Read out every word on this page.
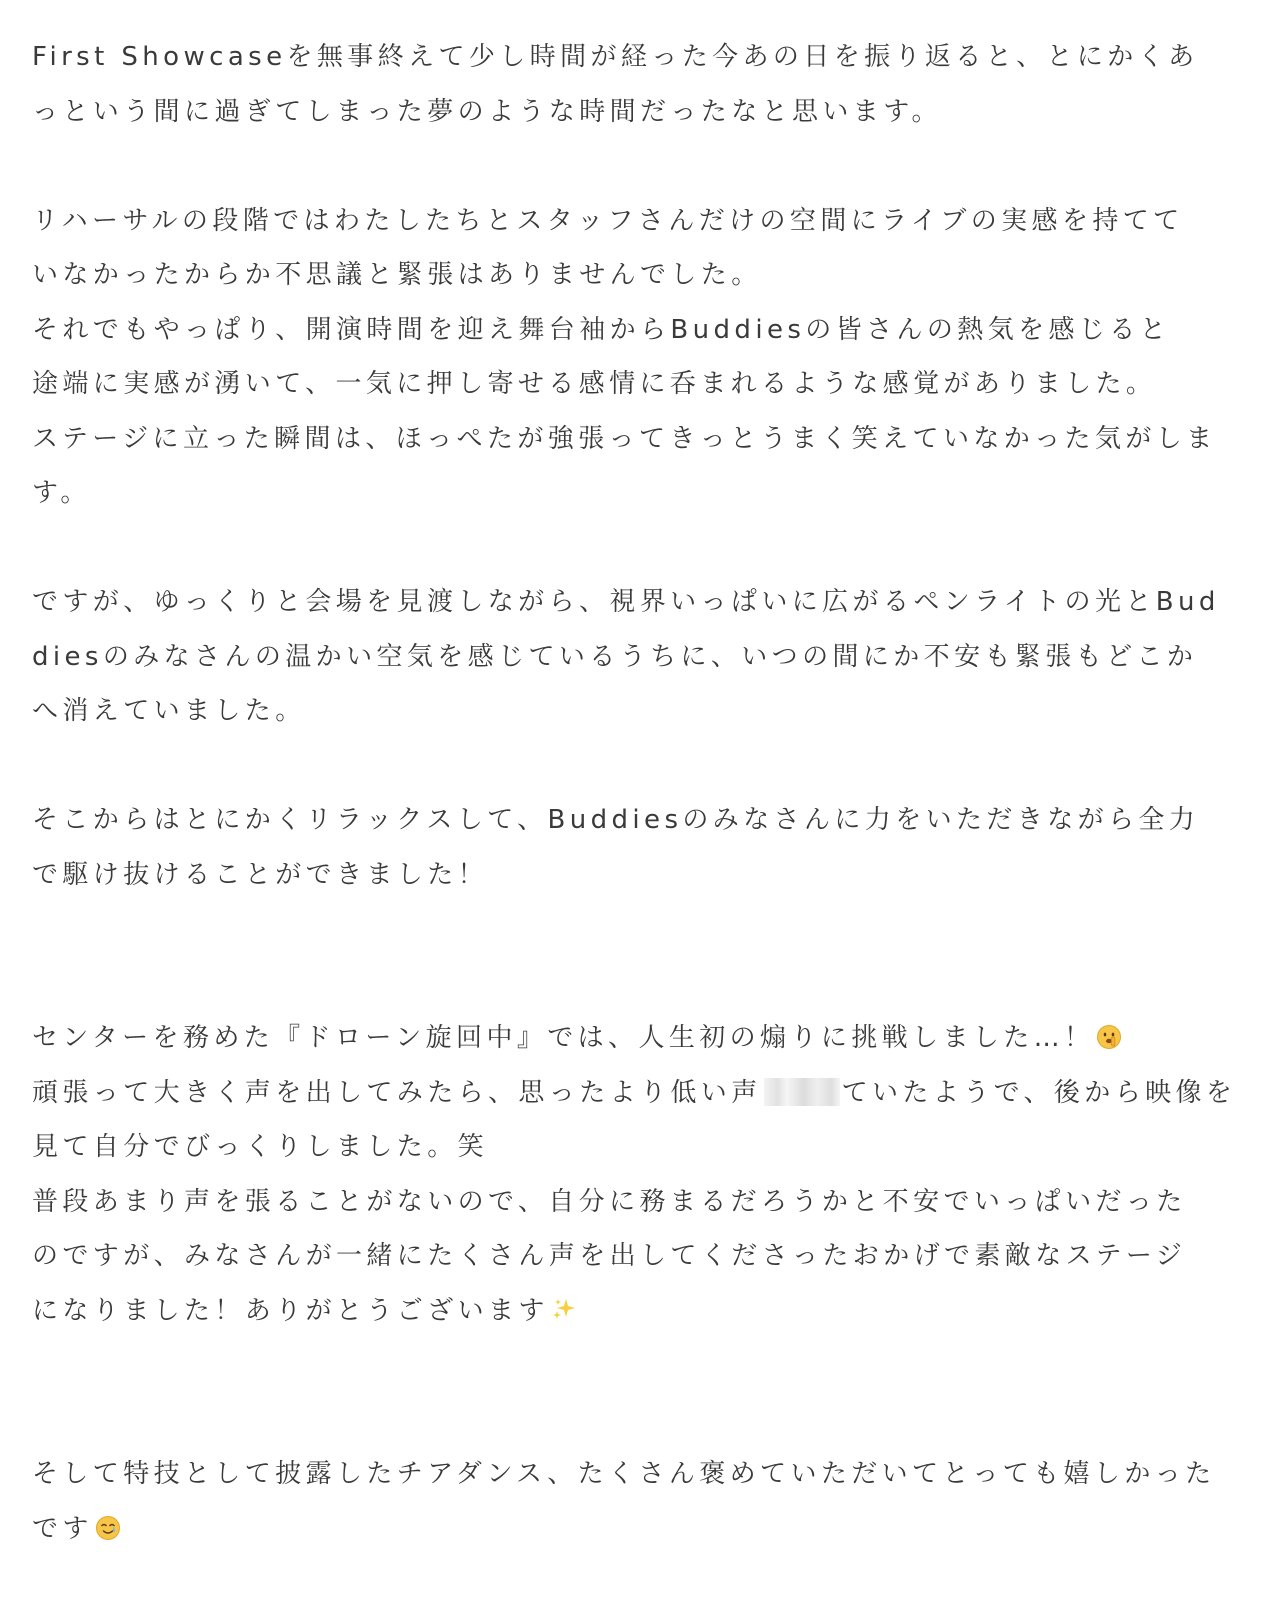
First Showcaseを無事終えて少し時間が経った今あの日を振り返ると、とにかくあ
っという間に過ぎてしまった夢のような時間だったなと思います。
リハーサルの段階ではわたしたちとスタッフさんだけの空間にライブの実感を持てて
いなかったからか不思議と緊張はありませんでした。
それでもやっぱり、開演時間を迎え舞台袖からBuddiesの皆さんの熱気を感じると
途端に実感が湧いて、一気に押し寄せる感情に呑まれるような感覚がありました。
ステージに立った瞬間は、ほっぺたが強張ってきっとうまく笑えていなかった気がしま
す。
ですが、ゆっくりと会場を見渡しながら、視界いっぱいに広がるペンライトの光とBud
diesのみなさんの温かい空気を感じているうちに、いつの間にか不安も緊張もどこか
へ消えていました。
そこからはとにかくリラックスして、Buddiesのみなさんに力をいただきながら全力
で駆け抜けることができました！
センターを務めた『ドローン旋回中』では、人生初の煽りに挑戦しました…！
頑張って大きく声を出してみたら、思ったより低い声	ていたようで、後から映像を
見て自分でびっくりしました。笑
普段あまり声を張ることがないので、自分に務まるだろうかと不安でいっぱいだった
のですが、みなさんが一緒にたくさん声を出してくださったおかげで素敵なステージ
になりました！ありがとうございます
そして特技として披露したチアダンス、たくさん褒めていただいてとっても嬉しかった
です
